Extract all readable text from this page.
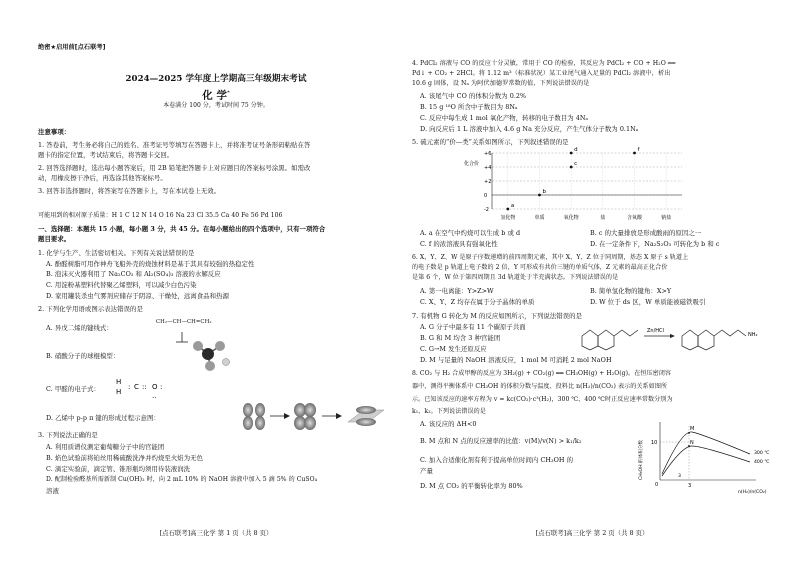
绝密★启用前[点石联考]
2024—2025 学年度上学期高三年级期末考试
化 学*
本卷满分 100 分，考试时间 75 分钟。
注意事项：
1. 答卷前，考生务必将自己的姓名、准考证号等填写在答题卡上，并将准考证号条形码粘贴在答
题卡的指定位置，考试结束后，将答题卡交回。
2. 回答选择题时，选出每小题答案后，用 2B 铅笔把答题卡上对应题目的答案标号涂黑。如需改
动，用橡皮擦干净后，再选涂其他答案标号。
3. 回答非选择题时，将答案写在答题卡上，写在本试卷上无效。
可能用到的相对原子质量：H 1 C 12 N 14 O 16 Na 23 Cl 35.5 Ca 40 Fe 56 Pd 106
一、选择题：本题共 15 小题，每小题 3 分，共 45 分。在每小题给出的四个选项中，只有一项符合
题目要求。
1. 化学与生产、生活密切相关。下列有关说法错误的是
A. 酚醛树脂可用作神舟飞船外壳的烧蚀材料是基于其具有较强的热稳定性
B. 泡沫灭火器利用了 Na₂CO₃ 和 Al₂(SO₄)₃ 溶液的水解反应
C. 用淀粉基塑料代替聚乙烯塑料，可以减少白色污染
D. 家用罐装杀虫气雾剂应储存于阴凉、干燥处，远离食品和热源
2. 下列化学用语或图示表达错误的是
CH₂—CH—CH=CH₂
A. 异戊二烯的键线式：
B. 硝酸分子的球棍模型：
C. 甲醛的电子式：
H
H
: C :: O :
..
D. 乙烯中 p-p π 键的形成过程示意图：
3. 下列说法正确的是
A. 利用质谱仪测定葡萄糖分子中的官能团
B. 焰色试验前将铂丝用稀硫酸洗净并灼烧至火焰为无色
C. 滴定实验前，滴定管、锥形瓶均须用待装液润洗
D. 配制检验醛基所需新制 Cu(OH)₂ 时，向 2 mL 10% 的 NaOH 溶液中加入 5 滴 5% 的 CuSO₄
溶液
[点石联考]高三化学 第 1 页（共 8 页）
4. PdCl₂ 溶液与 CO 的反应十分灵敏，常用于 CO 的检验，其反应为 PdCl₂ + CO + H₂O ══
Pd↓ + CO₂ + 2HCl。将 1.12 m³（标准状况）某工业尾气通入足量的 PdCl₂ 溶液中，析出
10.6 g 固体，设 Nₐ 为阿伏加德罗常数的值，下列说法错误的是
A. 该尾气中 CO 的体积分数为 0.2%
B. 15 g ¹⁸O 所含中子数目为 8Nₐ
C. 反应中每生成 1 mol 氧化产物，转移的电子数目为 4Nₐ
D. 向反应后 1 L 溶液中加入 4.6 g Na 充分反应，产生气体分子数为 0.1Nₐ
5. 硫元素的“价—类”关系如图所示，下列叙述错误的是
化合价
-2
0
+2
+4
+6
氢化物	单质	氧化物	盐	含氧酸	钠盐
a
b
c
d	f
A. a 在空气中灼烧可以生成 b 或 d	B. c 的大量排放是形成酸雨的原因之一
C. f 的浓溶液具有强氧化性	D. 在一定条件下，Na₂S₂O₃ 可转化为 b 和 c
6. X、Y、Z、W 是原子序数递增的前四周期元素，其中 X、Y、Z 位于同周期，基态 X 原子 s 轨道上
的电子数是 p 轨道上电子数的 2 倍，Y 可形成有共价三键的单质气体，Z 元素的最高正化合价
是第 6 个，W 位于第四周期且 3d 轨道处于半充满状态。下列说法错误的是
A. 第一电离能：Y>Z>W	B. 简单氢化物的键角：X>Y
C. X、Y、Z 均存在属于分子晶体的单质	D. W 位于 ds 区，W 单质能被磁铁吸引
7. 有机物 G 转化为 M 的反应如图所示，下列说法错误的是
A. G 分子中最多有 11 个碳原子共面
B. G 和 M 均含 3 种官能团
C. G→M 发生还原反应
D. M 与足量的 NaOH 溶液反应，1 mol M 可消耗 2 mol NaOH
Zn/HCl
NH₂
8. CO₂ 与 H₂ 合成甲醇的反应为 3H₂(g) + CO₂(g) ══ CH₃OH(g) + H₂O(g)。在恒压密闭容
器中，测得平衡体系中 CH₃OH 的体积分数与温度、投料比 n(H₂)/n(CO₂) 表示的关系如图所
示。已知该反应的速率方程为 v = kc(CO₂)·c³(H₂)，300 ℃、400 ℃时正反应速率常数分别为
k₁、k₂。下列说法错误的是
A. 该反应的 ΔH<0
B. M 点和 N 点的反应速率的比值：v(M)/v(N) > k₁/k₂
C. 加入合适催化剂有利于提高单位时间内 CH₃OH 的
产量
D. M 点 CO₂ 的平衡转化率为 80%
CH₃OH 的体积分数
n(H₂)/n(CO₂)
0	3
10
300 ℃
400 ℃
M
N
3
[点石联考]高三化学 第 2 页（共 8 页）
